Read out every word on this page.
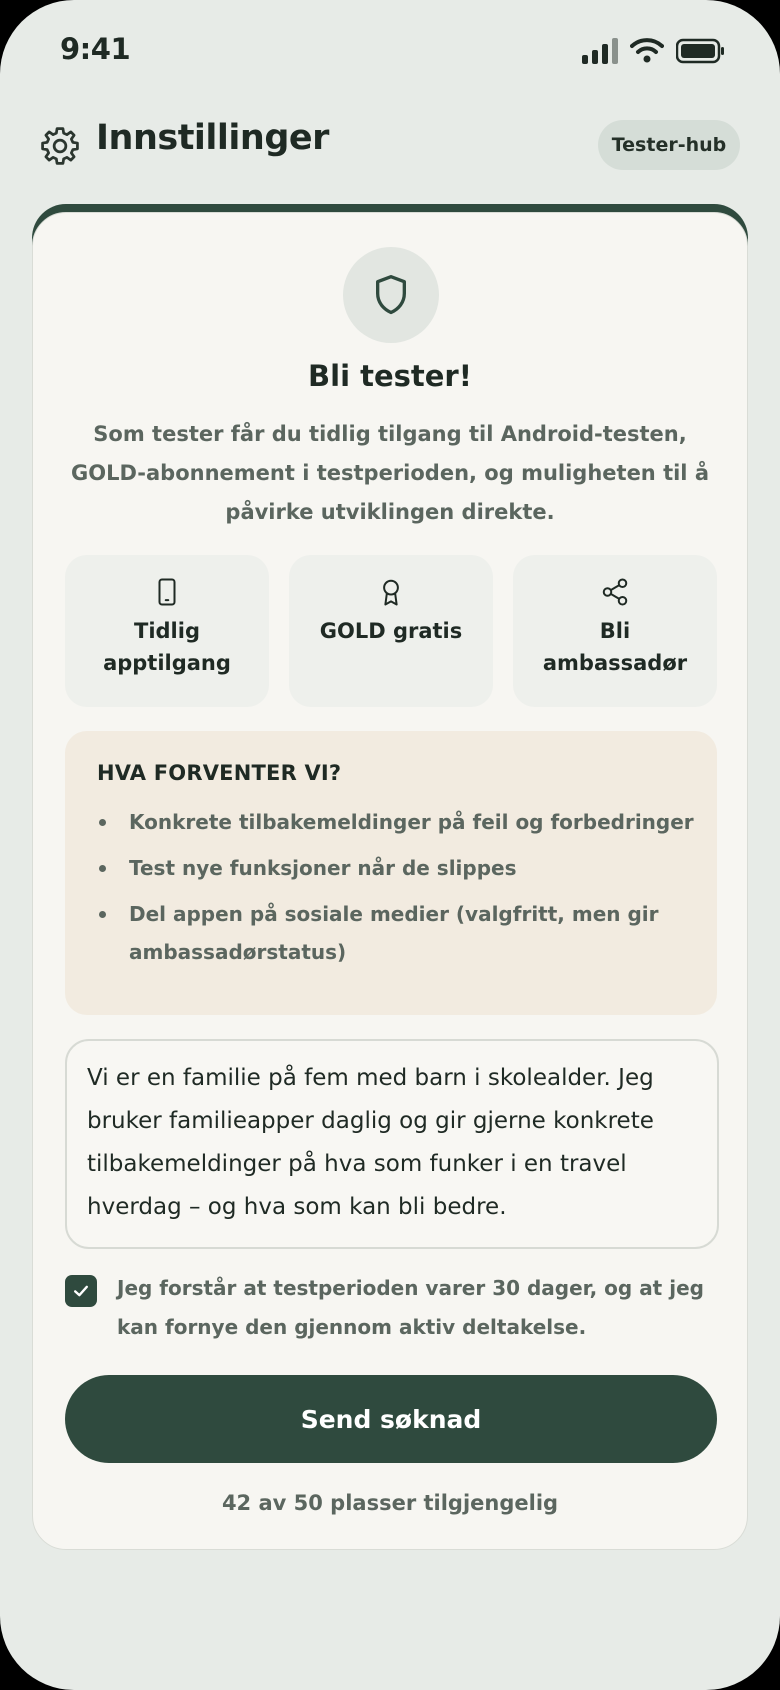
9:41
Innstillinger	Tester-hub
Bli tester!
Som tester får du tidlig tilgang til Android-testen, GOLD-abonnement i testperioden, og muligheten til å påvirke utviklingen direkte.
Tidlig
apptilgang
GOLD gratis	Bli
ambassadør
HVA FORVENTER VI?
Konkrete tilbakemeldinger på feil og forbedringer
Test nye funksjoner når de slippes
Del appen på sosiale medier (valgfritt, men gir ambassadørstatus)
Vi er en familie på fem med barn i skolealder. Jeg bruker familieapper daglig og gir gjerne konkrete tilbakemeldinger på hva som funker i en travel hverdag – og hva som kan bli bedre.
Jeg forstår at testperioden varer 30 dager, og at jeg kan fornye den gjennom aktiv deltakelse.
Send søknad
42 av 50 plasser tilgjengelig
